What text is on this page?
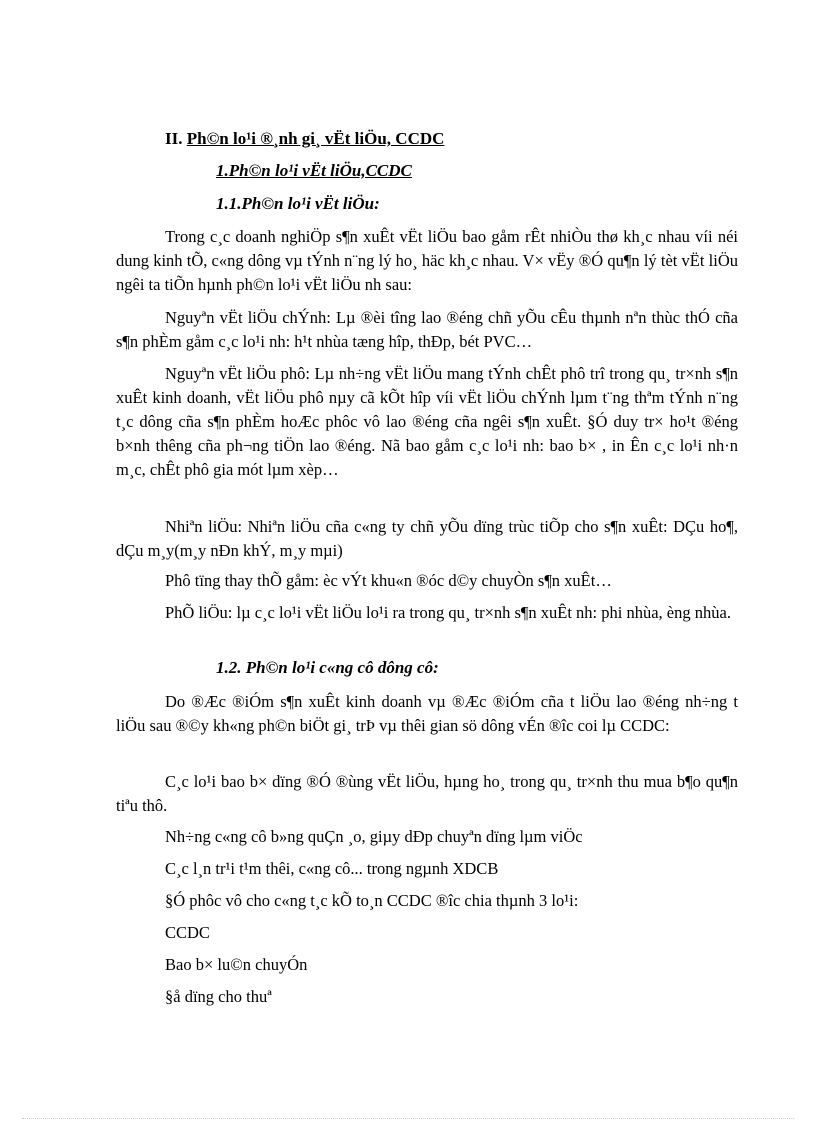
II. Ph©n lo¹i ®¸nh gi¸ vËt liÖu, CCDC
1.Ph©n lo¹i vËt liÖu,CCDC
1.1.Ph©n lo¹i vËt liÖu:

Trong c¸c doanh nghiÖp s¶n xuÊt vËt liÖu bao gåm rÊt nhiÒu thø kh¸c nhau víi néi dung kinh tÕ, c«ng dông vµ tÝnh n¨ng lý ho¸ häc kh¸c nhau. V× vËy ®Ó qu¶n lý tèt vËt liÖu ngêi ta tiÕn hµnh ph©n lo¹i vËt liÖu nh sau:

Nguyªn vËt liÖu chÝnh: Lµ ®èi tîng lao ®éng chñ yÕu cÊu thµnh nªn thùc thÓ cña s¶n phÈm gåm c¸c lo¹i nh: h¹t nhùa tæng hîp, thÐp, bét PVC…

Nguyªn vËt liÖu phô: Lµ nh÷ng vËt liÖu mang tÝnh chÊt phô trî trong qu¸ tr×nh s¶n xuÊt kinh doanh, vËt liÖu phô nµy cã kÕt hîp víi vËt liÖu chÝnh lµm t¨ng thªm tÝnh n¨ng t¸c dông cña s¶n phÈm hoÆc phôc vô lao ®éng cña ngêi s¶n xuÊt. §Ó duy tr× ho¹t ®éng b×nh thêng cña ph¬ng tiÖn lao ®éng. Nã bao gåm c¸c lo¹i nh: bao b× , in Ên c¸c lo¹i nh·n m¸c, chÊt phô gia mót lµm xèp…

Nhiªn liÖu: Nhiªn liÖu cña c«ng ty chñ yÕu dïng trùc tiÕp cho s¶n xuÊt: DÇu ho¶, dÇu m¸y(m¸y nÐn khÝ, m¸y mµi)

Phô tïng thay thÕ gåm: èc vÝt khu«n ®óc d©y chuyÒn s¶n xuÊt…

PhÕ liÖu: lµ c¸c lo¹i vËt liÖu lo¹i ra trong qu¸ tr×nh s¶n xuÊt nh: phi nhùa, èng nhùa.

1.2. Ph©n lo¹i c«ng cô dông cô:

Do ®Æc ®iÓm s¶n xuÊt kinh doanh vµ ®Æc ®iÓm cña t liÖu lao ®éng nh÷ng t liÖu sau ®©y kh«ng ph©n biÖt gi¸ trÞ vµ thêi gian sö dông vÉn ®îc coi lµ CCDC:

C¸c lo¹i bao b× dïng ®Ó ®ùng vËt liÖu, hµng ho¸ trong qu¸ tr×nh thu mua b¶o qu¶n tiªu thô.

Nh÷ng c«ng cô b»ng quÇn ¸o, giµy dÐp chuyªn dïng lµm viÖc
C¸c l¸n tr¹i t¹m thêi, c«ng cô... trong ngµnh XDCB
§Ó phôc vô cho c«ng t¸c kÕ to¸n CCDC ®îc chia thµnh 3 lo¹i:
CCDC
Bao b× lu©n chuyÓn
§å dïng cho thuª
